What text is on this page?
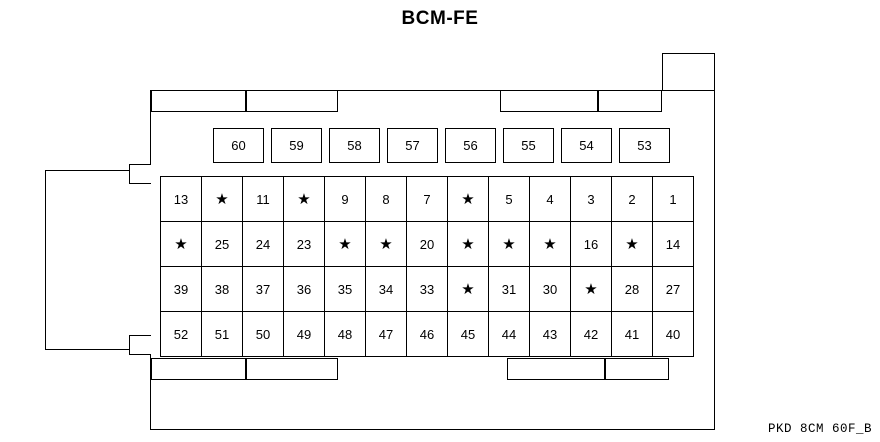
BCM-FE
60	59	58	57	56	55	54	53
13	★	11	★	9	8	7	★	5	4	3	2	1
★	25	24	23	★	★	20	★	★	★	16	★	14
39	38	37	36	35	34	33	★	31	30	★	28	27
52	51	50	49	48	47	46	45	44	43	42	41	40
PKD 8CM 60F_B
